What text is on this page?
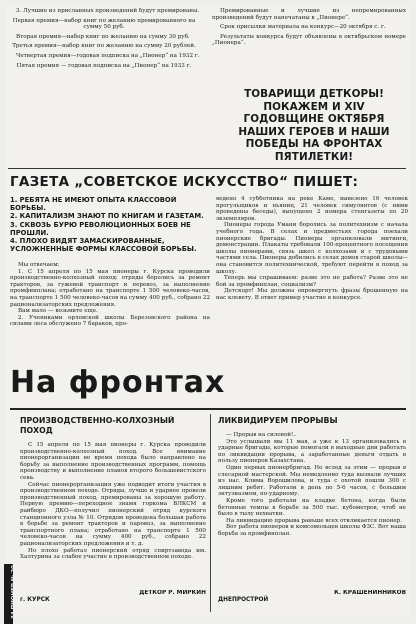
3. Лучшие из присланных произведений будут премированы.

Первая премия—набор книг по желанию премированного на сумму 50 руб.

Вторая премия—набор книг по желанию на сумму 30 руб.

Третья премия—набор книг по желанию на сумму 20 рублей.

Четвертая премия—годовая подписка на „Пионер“ на 1932 г.

Пятая премия — годовая подписка на „Пионер“ на 1933 г.

Премированные и лучшие из непремированных произведений будут напечатаны в „Пионере“.

Срок присылки материала на конкурс—20 октября с. г.

Результаты конкурса будут объявлены в октябрьском номере „Пионера“.

ТОВАРИЩИ ДЕТКОРЫ! ПОКАЖЕМ И XIV ГОДОВЩИНЕ ОКТЯБРЯ НАШИХ ГЕРОЕВ И НАШИ ПОБЕДЫ НА ФРОНТАХ ПЯТИЛЕТКИ!
ГАЗЕТА „СОВЕТСКОЕ ИСКУССТВО“ ПИШЕТ:
1. РЕБЯТА НЕ ИМЕЮТ ОПЫТА КЛАССОВОЙ БОРЬБЫ.
2. КАПИТАЛИЗМ ЗНАЮТ ПО КНИГАМ И ГАЗЕТАМ.
3. СКВОЗЬ БУРЮ РЕВОЛЮЦИОННЫХ БОЕВ НЕ ПРОШЛИ.
4. ПЛОХО ВИДЯТ ЗАМАСКИРОВАННЫЕ, УСЛОЖНЕННЫЕ ФОРМЫ КЛАССОВОЙ БОРЬБЫ.

Мы отвечаем:

1. С 15 апреля по 15 мая пионеры г. Курска проводили производственно-колхозный поход: отряды боролись за ремонт тракторов, за гужевой транспорт и перевоз, за выполнение промфинплана; отработано на транспорте 1 500 человеко-часов, на транспорте 1 500 человеко-часов на сумму 400 руб., собрано 22 рационализаторских предложения.

Вам мало — возьмите еще.

2. Учениками орловской школы Березовского района на силами леса обслужено 7 бараков, про-

ведено 4 субботника на реке Каме, вывезено 16 человек прогульщиков и пьяниц, 21 человек симулянтов (с ними проведены беседы), выпущено 2 номера стенгазеты по 20 экземпляров.

Пионеры города Умани боролись за политехнизм с начала учебного года. В селах и предместьях города поехали пионерские бригады. Пионеры организовали митинги, демонстрации. Плакаты требовали 100-процентного посещения школы пионерами, связь школ с колхозами и с трудовыми частями села. Пионеры добились в селах домов старой школы—она становится политехнической, требуют перейти в поход за школу.

Теперь мы спрашиваем: разве это не работа? Разве это не бой за промфинплан, социализм?

Детскорт! Мы должны опровергнуть фразы брошенную на нас клевету. В ответ пример участие в конкурсе.

На фронтах
ПРОИЗВОДСТВЕННО-КОЛХОЗНЫЙ ПОХОД

С 15 апреля по 15 мая пионеры г. Курска проводили производственно-колхозный поход. Все внимание пионерорганизации во время похода было направлено на борьбу за выполнение производственных программ, помощь производству и выполнение планов второго большевистского сева.

Сейчас пионерорганизация уже подводит итоги участия в производственном походе. Отряды, лучше и ударнее провели производственный поход, премированы за хорошую работу. Первую премию—переходное знамя горкома ВЛКСМ и райбюро ДКО—получил пионерский отряд курского станционного узла № 10. Отрядом проведена большая работа в борьбе за ремонт тракторов и паровоз, за выполнение транспортного плана; отработано на транспорте 1 500 человеко-часов на сумму 400 руб., собрано 22 рационализаторских предложения и т. д.

Но плохо работал пионерский отряд спиртзавода им. Халтурина за слабое участие в производственном походе.

ДЕТКОР Р. МИРКИН
г. КУРСК
ЛИКВИДИРУЕМ ПРОРЫВЫ

— Прорыв на силовой!..

Это услышали мы 11 мая, а уже к 13 организовались в ударные бригады, которые помогали в выходные дни работать по ликвидации прорыва, а заработанные деньги отдать в пользу пионеров Казахстана.

Один первых пионербригад. Но вслед за этим — прорыв в слесарной мастерской. Мы немедленно туда вызвали лучших из нас. Клима Ворошилова, и туда с охотой пошли 300 с лишним ребят. Работали в день по 5-6 часов, с большим энтузиазмом, по-ударному.

Кроме того работали на кладке бетона, когда были бетонные темпы в борьбе за 500 тыс. кубометров, чтоб не было в тылу нехватки.

На ликвидацию прорыва раньше всех откликается пионер.

Вот работа пионеров и комсомольцев школы ФЗС. Вот наша борьба за промфинплан.

К. КРАШЕНИННИКОВ
ДНЕПРОСТРОЙ
34 ПИОНЕР № 20
